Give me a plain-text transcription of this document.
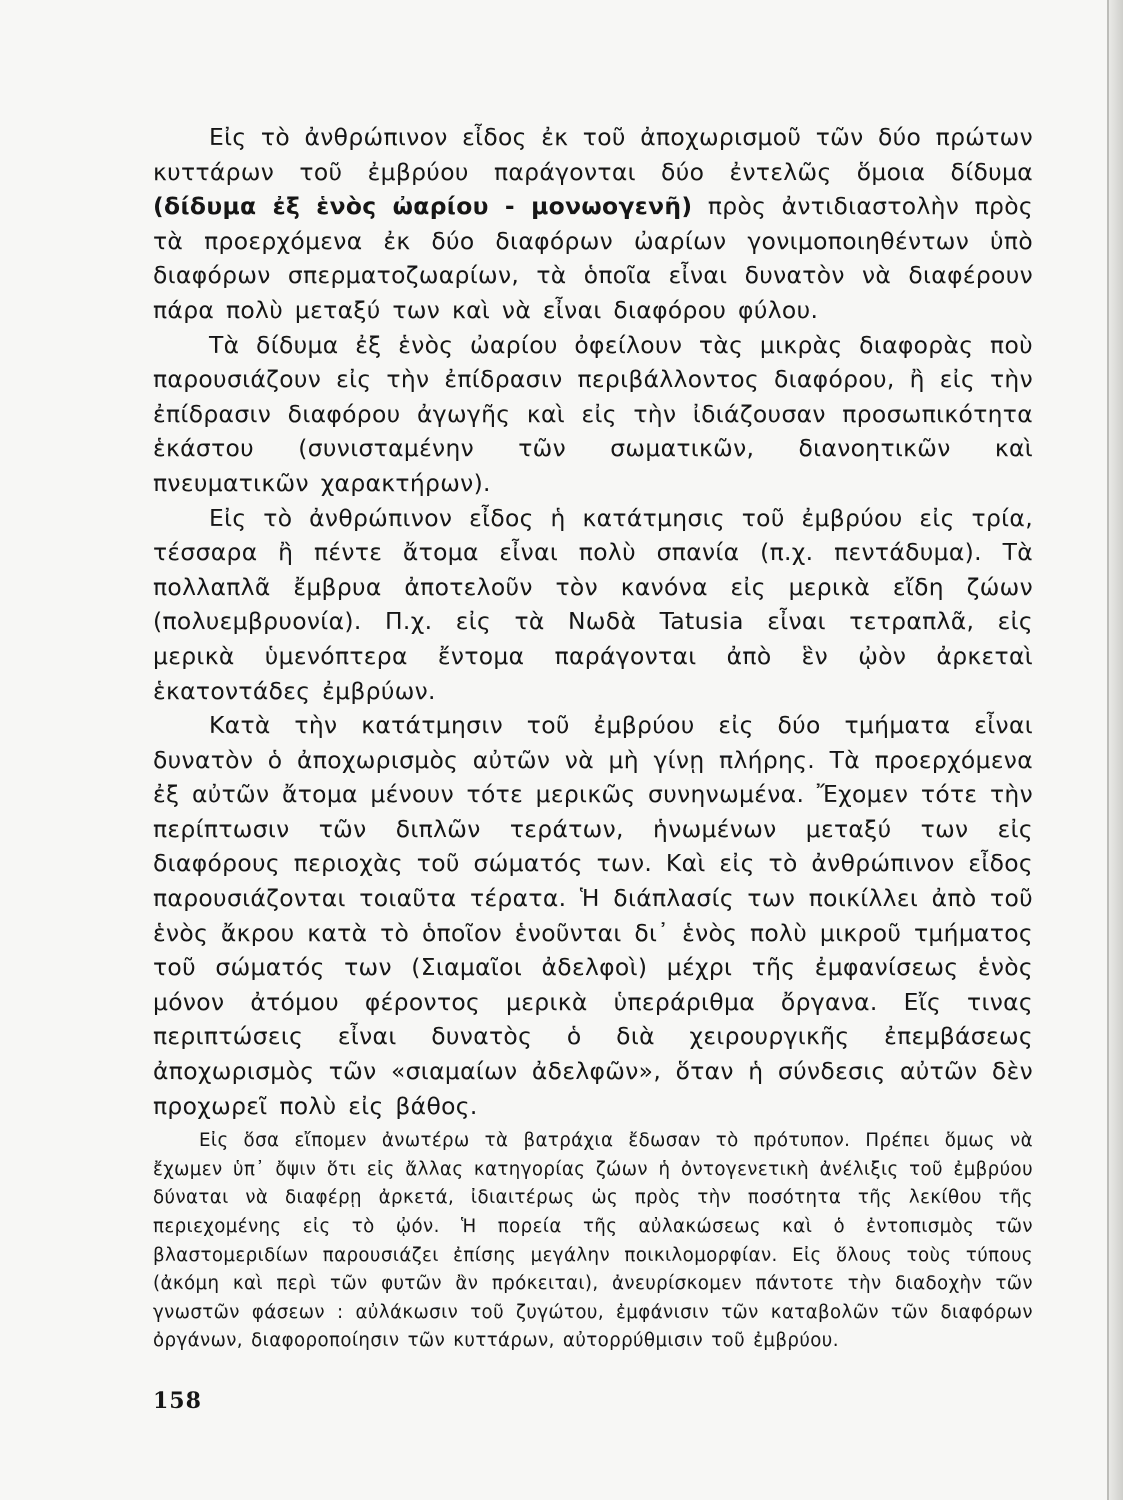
Εἰς τὸ ἀνθρώπινον εἶδος ἐκ τοῦ ἀποχωρισμοῦ τῶν δύο πρώτων κυττάρων τοῦ ἐμβρύου παράγονται δύο ἐντελῶς ὅμοια δίδυμα (δίδυμα ἐξ ἑνὸς ὠαρίου - μονωογενῆ) πρὸς ἀντιδιαστολὴν πρὸς τὰ προερχόμενα ἐκ δύο διαφόρων ὠαρίων γονιμοποιηθέντων ὑπὸ διαφόρων σπερματοζωαρίων, τὰ ὁποῖα εἶναι δυνατὸν νὰ διαφέρουν πάρα πολὺ μεταξύ των καὶ νὰ εἶναι διαφόρου φύλου.

Τὰ δίδυμα ἐξ ἑνὸς ὠαρίου ὀφείλουν τὰς μικρὰς διαφορὰς ποὺ παρουσιάζουν εἰς τὴν ἐπίδρασιν περιβάλλοντος διαφόρου, ἢ εἰς τὴν ἐπίδρασιν διαφόρου ἀγωγῆς καὶ εἰς τὴν ἰδιάζουσαν προσωπικότητα ἑκάστου (συνισταμένην τῶν σωματικῶν, διανοητικῶν καὶ πνευματικῶν χαρακτήρων).

Εἰς τὸ ἀνθρώπινον εἶδος ἡ κατάτμησις τοῦ ἐμβρύου εἰς τρία, τέσσαρα ἢ πέντε ἄτομα εἶναι πολὺ σπανία (π.χ. πεντάδυμα). Τὰ πολλαπλᾶ ἔμβρυα ἀποτελοῦν τὸν κανόνα εἰς μερικὰ εἴδη ζώων (πολυεμβρυονία). Π.χ. εἰς τὰ Νωδὰ Tatusia εἶναι τετραπλᾶ, εἰς μερικὰ ὑμενόπτερα ἔντομα παράγονται ἀπὸ ἓν ᾠὸν ἀρκεταὶ ἑκατοντάδες ἐμβρύων.

Κατὰ τὴν κατάτμησιν τοῦ ἐμβρύου εἰς δύο τμήματα εἶναι δυνατὸν ὁ ἀποχωρισμὸς αὐτῶν νὰ μὴ γίνῃ πλήρης. Τὰ προερχόμενα ἐξ αὐτῶν ἄτομα μένουν τότε μερικῶς συνηνωμένα. Ἔχομεν τότε τὴν περίπτωσιν τῶν διπλῶν τεράτων, ἡνωμένων μεταξύ των εἰς διαφόρους περιοχὰς τοῦ σώματός των. Καὶ εἰς τὸ ἀνθρώπινον εἶδος παρουσιάζονται τοιαῦτα τέρατα. Ἡ διάπλασίς των ποικίλλει ἀπὸ τοῦ ἑνὸς ἄκρου κατὰ τὸ ὁποῖον ἑνοῦνται δι᾽ ἑνὸς πολὺ μικροῦ τμήματος τοῦ σώματός των (Σιαμαῖοι ἀδελφοὶ) μέχρι τῆς ἐμφανίσεως ἑνὸς μόνον ἀτόμου φέροντος μερικὰ ὑπεράριθμα ὄργανα. Εἴς τινας περιπτώσεις εἶναι δυνατὸς ὁ διὰ χειρουργικῆς ἐπεμβάσεως ἀποχωρισμὸς τῶν «σιαμαίων ἀδελφῶν», ὅταν ἡ σύνδεσις αὐτῶν δὲν προχωρεῖ πολὺ εἰς βάθος.

Εἰς ὅσα εἴπομεν ἀνωτέρω τὰ βατράχια ἔδωσαν τὸ πρότυπον. Πρέπει ὅμως νὰ ἔχωμεν ὑπ᾽ ὄψιν ὅτι εἰς ἄλλας κατηγορίας ζώων ἡ ὀντογενετικὴ ἀνέλιξις τοῦ ἐμβρύου δύναται νὰ διαφέρῃ ἀρκετά, ἰδιαιτέρως ὡς πρὸς τὴν ποσότητα τῆς λεκίθου τῆς περιεχομένης εἰς τὸ ᾠόν. Ἡ πορεία τῆς αὐλακώσεως καὶ ὁ ἐντοπισμὸς τῶν βλαστομεριδίων παρουσιάζει ἐπίσης μεγάλην ποικιλομορφίαν. Εἰς ὅλους τοὺς τύπους (ἀκόμη καὶ περὶ τῶν φυτῶν ἂν πρόκειται), ἀνευρίσκομεν πάντοτε τὴν διαδοχὴν τῶν γνωστῶν φάσεων : αὐλάκωσιν τοῦ ζυγώτου, ἐμφάνισιν τῶν καταβολῶν τῶν διαφόρων ὀργάνων, διαφοροποίησιν τῶν κυττάρων, αὐτορρύθμισιν τοῦ ἐμβρύου.

158
